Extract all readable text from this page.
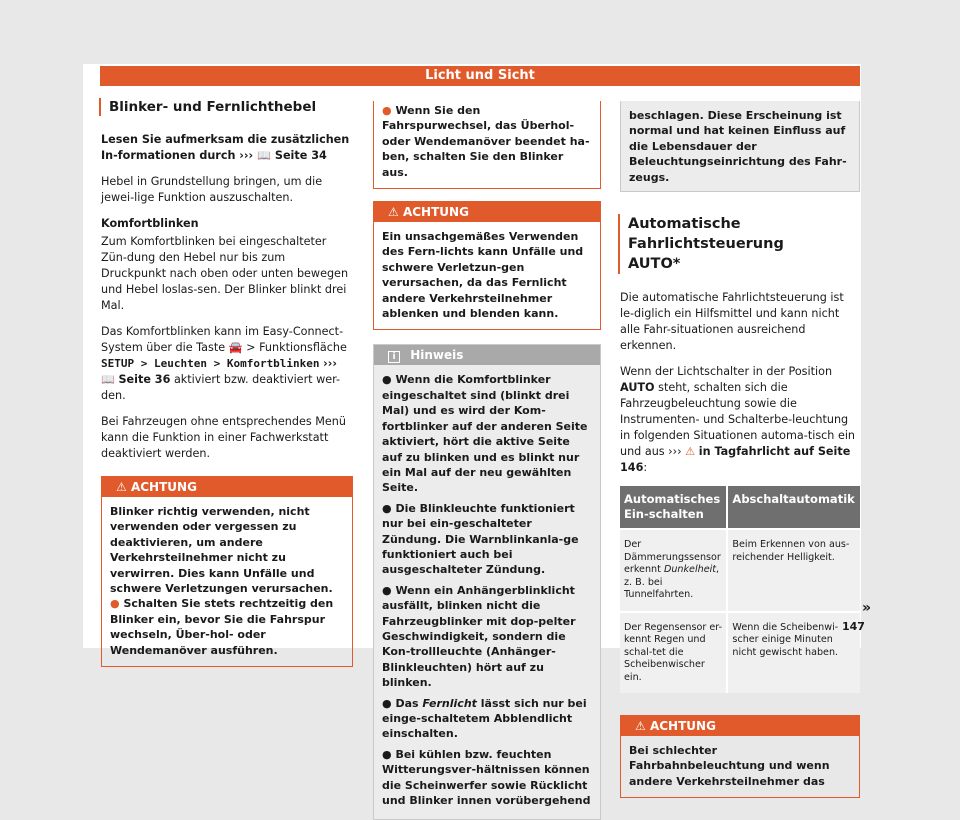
Licht und Sicht
Blinker- und Fernlichthebel

Lesen Sie aufmerksam die zusätzlichen In-formationen durch ››› 📖 Seite 34

Hebel in Grundstellung bringen, um die jewei-lige Funktion auszuschalten.

Komfortblinken

Zum Komfortblinken bei eingeschalteter Zün-dung den Hebel nur bis zum Druckpunkt nach oben oder unten bewegen und Hebel loslas-sen. Der Blinker blinkt drei Mal.

Das Komfortblinken kann im Easy-Connect-System über die Taste 🚘 > Funktionsfläche SETUP > Leuchten > Komfortblinken ››› 📖 Seite 36 aktiviert bzw. deaktiviert wer-den.

Bei Fahrzeugen ohne entsprechendes Menü kann die Funktion in einer Fachwerkstatt deaktiviert werden.

⚠ ACHTUNG
Blinker richtig verwenden, nicht verwenden oder vergessen zu deaktivieren, um andere Verkehrsteilnehmer nicht zu verwirren. Dies kann Unfälle und schwere Verletzungen verursachen.
● Schalten Sie stets rechtzeitig den Blinker ein, bevor Sie die Fahrspur wechseln, Über-hol- oder Wendemanöver ausführen.
● Wenn Sie den Fahrspurwechsel, das Überhol- oder Wendemanöver beendet ha-ben, schalten Sie den Blinker aus.
⚠ ACHTUNG
Ein unsachgemäßes Verwenden des Fern-lichts kann Unfälle und schwere Verletzun-gen verursachen, da das Fernlicht andere Verkehrsteilnehmer ablenken und blenden kann.
i Hinweis

● Wenn die Komfortblinker eingeschaltet sind (blinkt drei Mal) und es wird der Kom-fortblinker auf der anderen Seite aktiviert, hört die aktive Seite auf zu blinken und es blinkt nur ein Mal auf der neu gewählten Seite.

● Die Blinkleuchte funktioniert nur bei ein-geschalteter Zündung. Die Warnblinkanla-ge funktioniert auch bei ausgeschalteter Zündung.

● Wenn ein Anhängerblinklicht ausfällt, blinken nicht die Fahrzeugblinker mit dop-pelter Geschwindigkeit, sondern die Kon-trollleuchte (Anhänger-Blinkleuchten) hört auf zu blinken.

● Das Fernlicht lässt sich nur bei einge-schaltetem Abblendlicht einschalten.

● Bei kühlen bzw. feuchten Witterungsver-hältnissen können die Scheinwerfer sowie Rücklicht und Blinker innen vorübergehend

beschlagen. Diese Erscheinung ist normal und hat keinen Einfluss auf die Lebensdauer der Beleuchtungseinrichtung des Fahr-zeugs.
Automatische Fahrlichtsteuerung
AUTO*

Die automatische Fahrlichtsteuerung ist le-diglich ein Hilfsmittel und kann nicht alle Fahr-situationen ausreichend erkennen.

Wenn der Lichtschalter in der Position AUTO steht, schalten sich die Fahrzeugbeleuchtung sowie die Instrumenten- und Schalterbe-leuchtung in folgenden Situationen automa-tisch ein und aus ››› ⚠ in Tagfahrlicht auf Seite 146:

Automatisches Ein-schalten	Abschaltautomatik
Der Dämmerungssensor erkennt Dunkelheit, z. B. bei Tunnelfahrten.	Beim Erkennen von aus-reichender Helligkeit.
Der Regensensor er-kennt Regen und schal-tet die Scheibenwischer ein.	Wenn die Scheibenwi-scher einige Minuten nicht gewischt haben.
⚠ ACHTUNG
Bei schlechter Fahrbahnbeleuchtung und wenn andere Verkehrsteilnehmer das
»
147
